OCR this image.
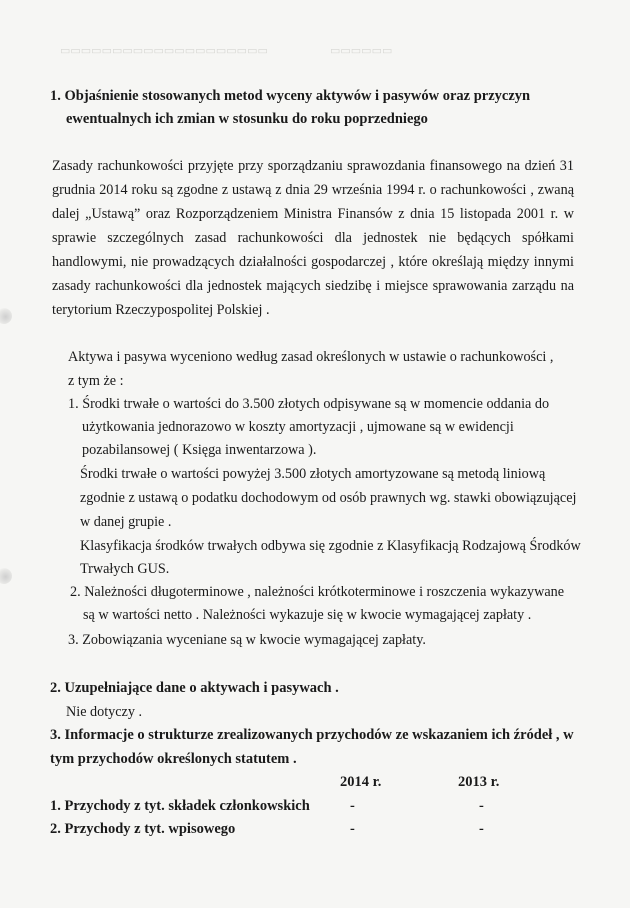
▭▭▭▭▭▭▭▭▭▭▭▭▭▭▭▭▭▭▭▭	▭▭▭▭▭▭
1. Objaśnienie stosowanych metod wyceny aktywów i pasywów oraz przyczyn
ewentualnych ich zmian w stosunku do roku poprzedniego
Zasady rachunkowości przyjęte przy sporządzaniu sprawozdania finansowego na dzień 31
grudnia 2014 roku są zgodne z ustawą z dnia 29 września 1994 r. o rachunkowości , zwaną
dalej „Ustawą” oraz Rozporządzeniem Ministra Finansów z dnia 15 listopada 2001 r. w
sprawie szczególnych zasad rachunkowości dla jednostek nie będących spółkami
handlowymi, nie prowadzących działalności gospodarczej , które określają między innymi
zasady rachunkowości dla jednostek mających siedzibę i miejsce sprawowania zarządu na
terytorium Rzeczypospolitej Polskiej .
Aktywa i pasywa wyceniono według zasad określonych w ustawie o rachunkowości ,
z tym że :
1. Środki trwałe o wartości do 3.500 złotych odpisywane są w momencie oddania do
użytkowania jednorazowo w koszty amortyzacji , ujmowane są w ewidencji
pozabilansowej ( Księga inwentarzowa ).
Środki trwałe o wartości powyżej 3.500 złotych amortyzowane są metodą liniową
zgodnie z ustawą o podatku dochodowym od osób prawnych wg. stawki obowiązującej
w danej grupie .
Klasyfikacja środków trwałych odbywa się zgodnie z Klasyfikacją Rodzajową Środków
Trwałych GUS.
2. Należności długoterminowe , należności krótkoterminowe i roszczenia wykazywane
są w wartości netto . Należności wykazuje się w kwocie wymagającej zapłaty .
3. Zobowiązania wyceniane są w kwocie wymagającej zapłaty.
2. Uzupełniające dane o aktywach i pasywach .
Nie dotyczy .
3. Informacje o strukturze zrealizowanych przychodów ze wskazaniem ich źródeł , w
tym przychodów określonych statutem .
2014 r.	2013 r.
1. Przychody z tyt. składek członkowskich	-	-
2. Przychody z tyt. wpisowego	-	-
